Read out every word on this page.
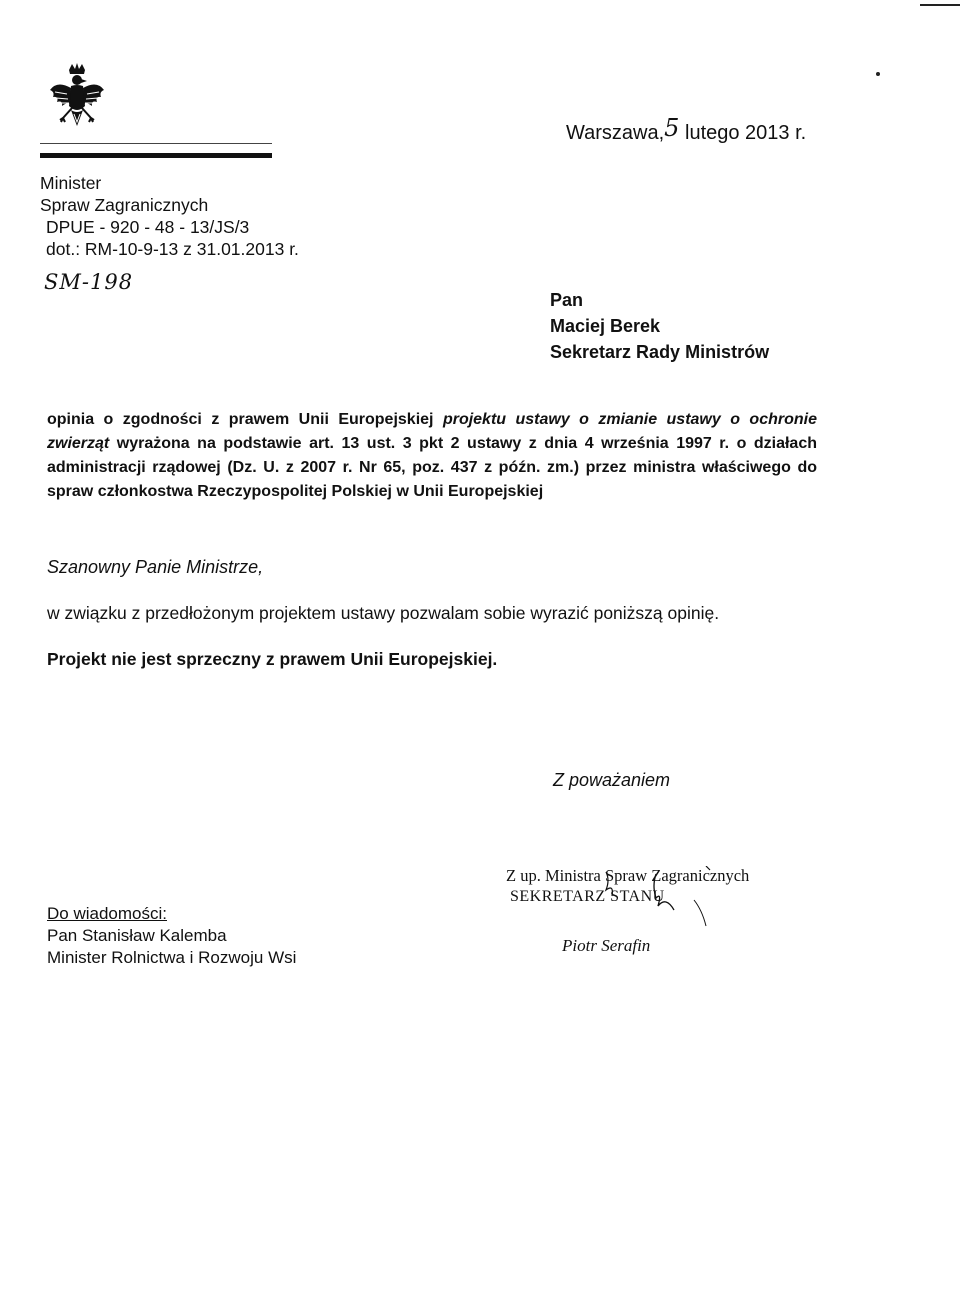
Minister
Spraw Zagranicznych
DPUE - 920 - 48 - 13/JS/3
dot.: RM-10-9-13 z 31.01.2013 r.
SM-198
Warszawa,5 lutego 2013 r.
Pan
Maciej Berek
Sekretarz Rady Ministrów
opinia o zgodności z prawem Unii Europejskiej projektu ustawy o zmianie ustawy o ochronie zwierząt wyrażona na podstawie art. 13 ust. 3 pkt 2 ustawy z dnia 4 września 1997 r. o działach administracji rządowej (Dz. U. z 2007 r. Nr 65, poz. 437 z późn. zm.) przez ministra właściwego do spraw członkostwa Rzeczypospolitej Polskiej w Unii Europejskiej
Szanowny Panie Ministrze,
w związku z przedłożonym projektem ustawy pozwalam sobie wyrazić poniższą opinię.
Projekt nie jest sprzeczny z prawem Unii Europejskiej.
Z poważaniem
Z up. Ministra Spraw Zagranicznych
SEKRETARZ STANU
Piotr Serafin
Do wiadomości:
Pan Stanisław Kalemba
Minister Rolnictwa i Rozwoju Wsi
